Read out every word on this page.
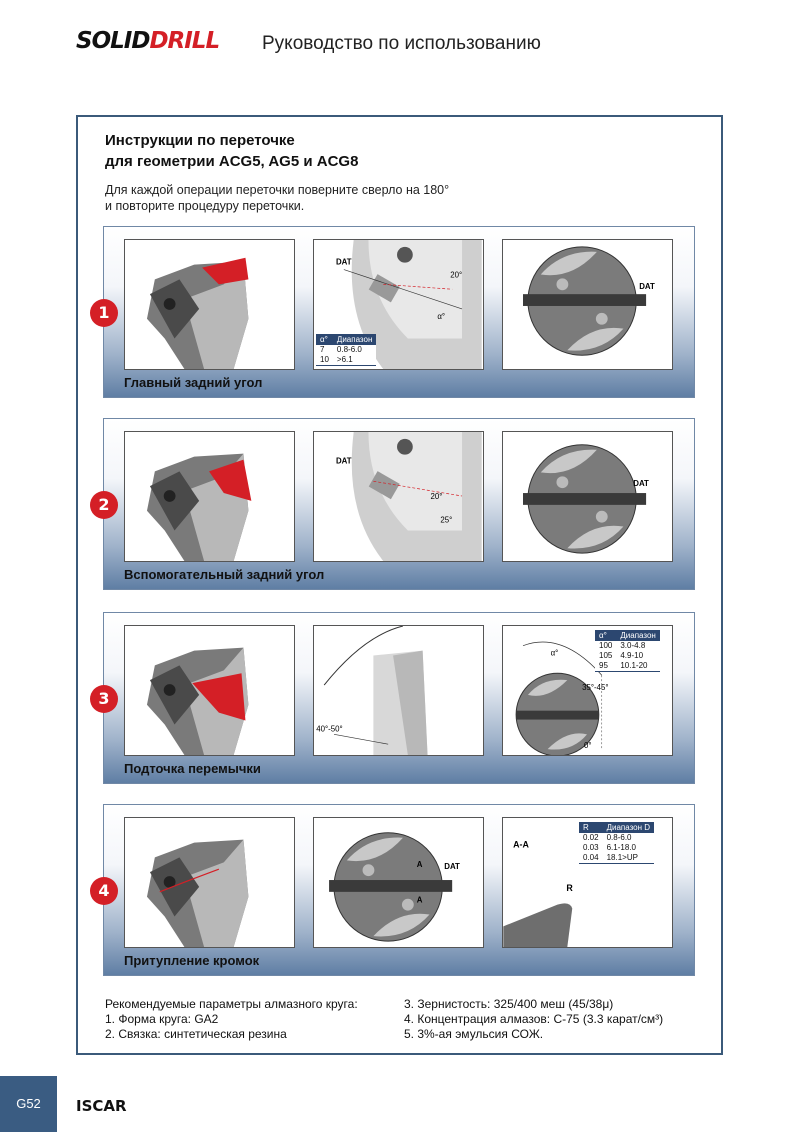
SOLIDDRILL Руководство по использованию
Инструкции по переточке
для геометрии ACG5, AG5 и ACG8
Для каждой операции переточки поверните сверло на 180°
и повторите процедуру переточки.
1
DAT
20°
α°
α°	Диапазон
7	0.8-6.0
10	>6.1
DAT
Главный задний угол
2
DAT
20°
25°
DAT
Вспомогательный задний угол
3
40°-50°
α°
35°-45°
0°
α°	Диапазон
100	3.0-4.8
105	4.9-10
95	10.1-20
Подточка перемычки
4
A	DAT
A
A-A
R
R	Диапазон D
0.02	0.8-6.0
0.03	6.1-18.0
0.04	18.1>UP
Притупление кромок
Рекомендуемые параметры алмазного круга:
1. Форма круга: GA2
2. Связка: синтетическая резина
3. Зернистость: 325/400 меш (45/38μ)
4. Концентрация алмазов: С-75 (3.3 карат/см³)
5. 3%-ая эмульсия СОЖ.
G52	ISCAR
